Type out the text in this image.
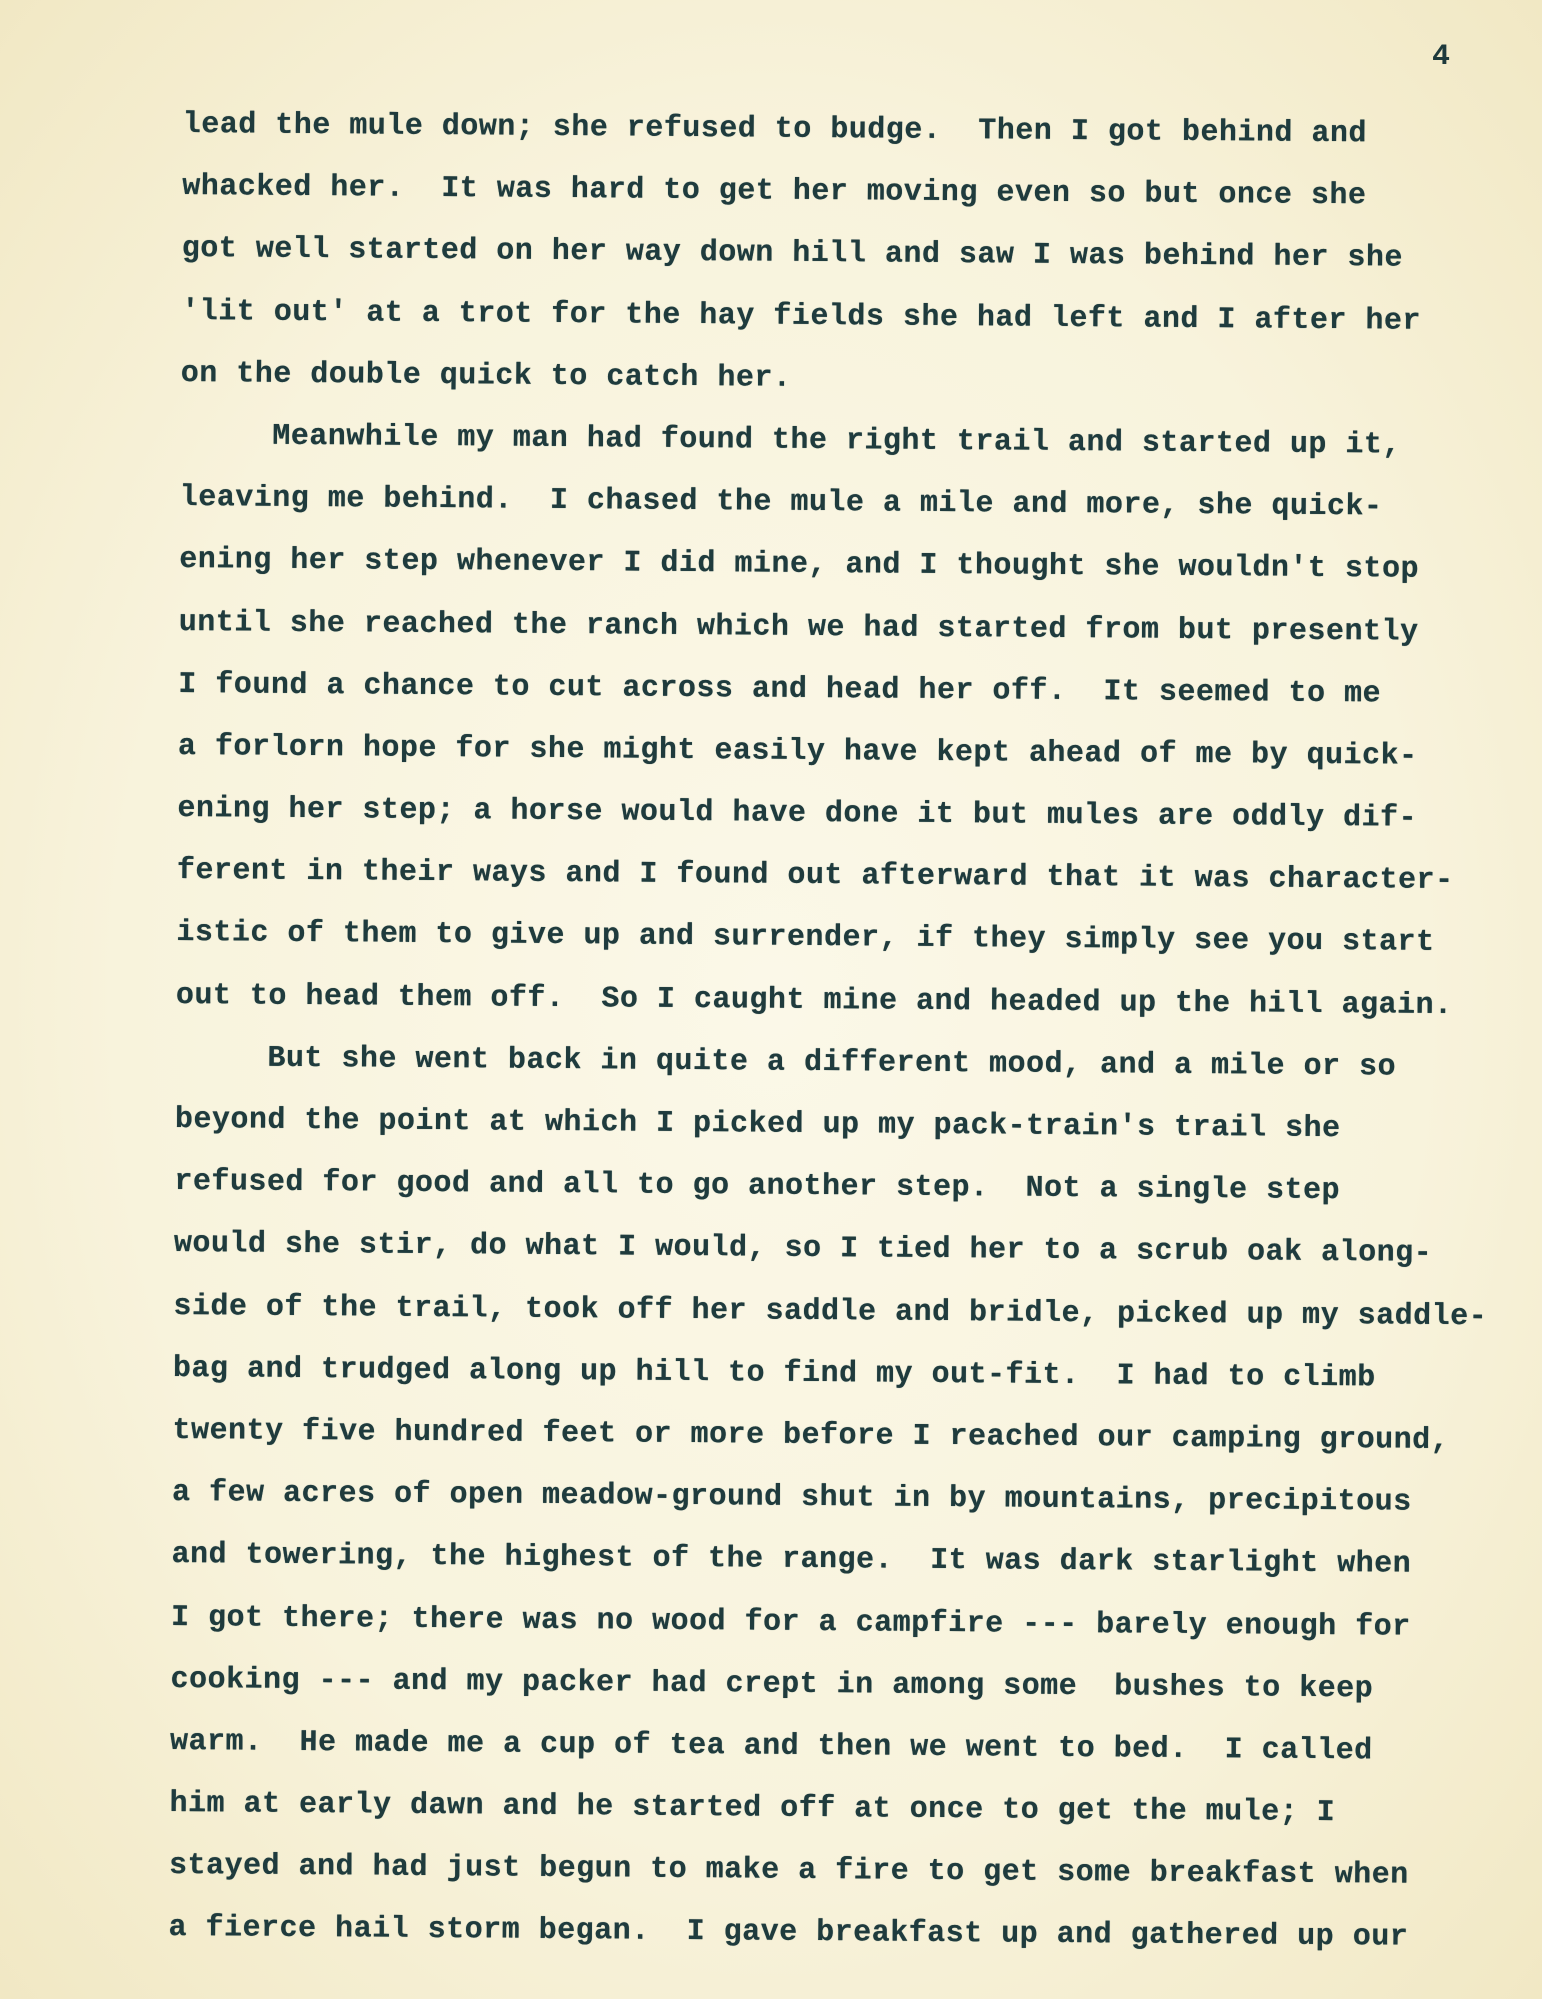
4
lead the mule down; she refused to budge.  Then I got behind and
whacked her.  It was hard to get her moving even so but once she
got well started on her way down hill and saw I was behind her she
'lit out' at a trot for the hay fields she had left and I after her
on the double quick to catch her.
Meanwhile my man had found the right trail and started up it,
leaving me behind.  I chased the mule a mile and more, she quick-
ening her step whenever I did mine, and I thought she wouldn't stop
until she reached the ranch which we had started from but presently
I found a chance to cut across and head her off.  It seemed to me
a forlorn hope for she might easily have kept ahead of me by quick-
ening her step; a horse would have done it but mules are oddly dif-
ferent in their ways and I found out afterward that it was character-
istic of them to give up and surrender, if they simply see you start
out to head them off.  So I caught mine and headed up the hill again.
But she went back in quite a different mood, and a mile or so
beyond the point at which I picked up my pack-train's trail she
refused for good and all to go another step.  Not a single step
would she stir, do what I would, so I tied her to a scrub oak along-
side of the trail, took off her saddle and bridle, picked up my saddle-
bag and trudged along up hill to find my out-fit.  I had to climb
twenty five hundred feet or more before I reached our camping ground,
a few acres of open meadow-ground shut in by mountains, precipitous
and towering, the highest of the range.  It was dark starlight when
I got there; there was no wood for a campfire --- barely enough for
cooking --- and my packer had crept in among some  bushes to keep
warm.  He made me a cup of tea and then we went to bed.  I called
him at early dawn and he started off at once to get the mule; I
stayed and had just begun to make a fire to get some breakfast when
a fierce hail storm began.  I gave breakfast up and gathered up our
